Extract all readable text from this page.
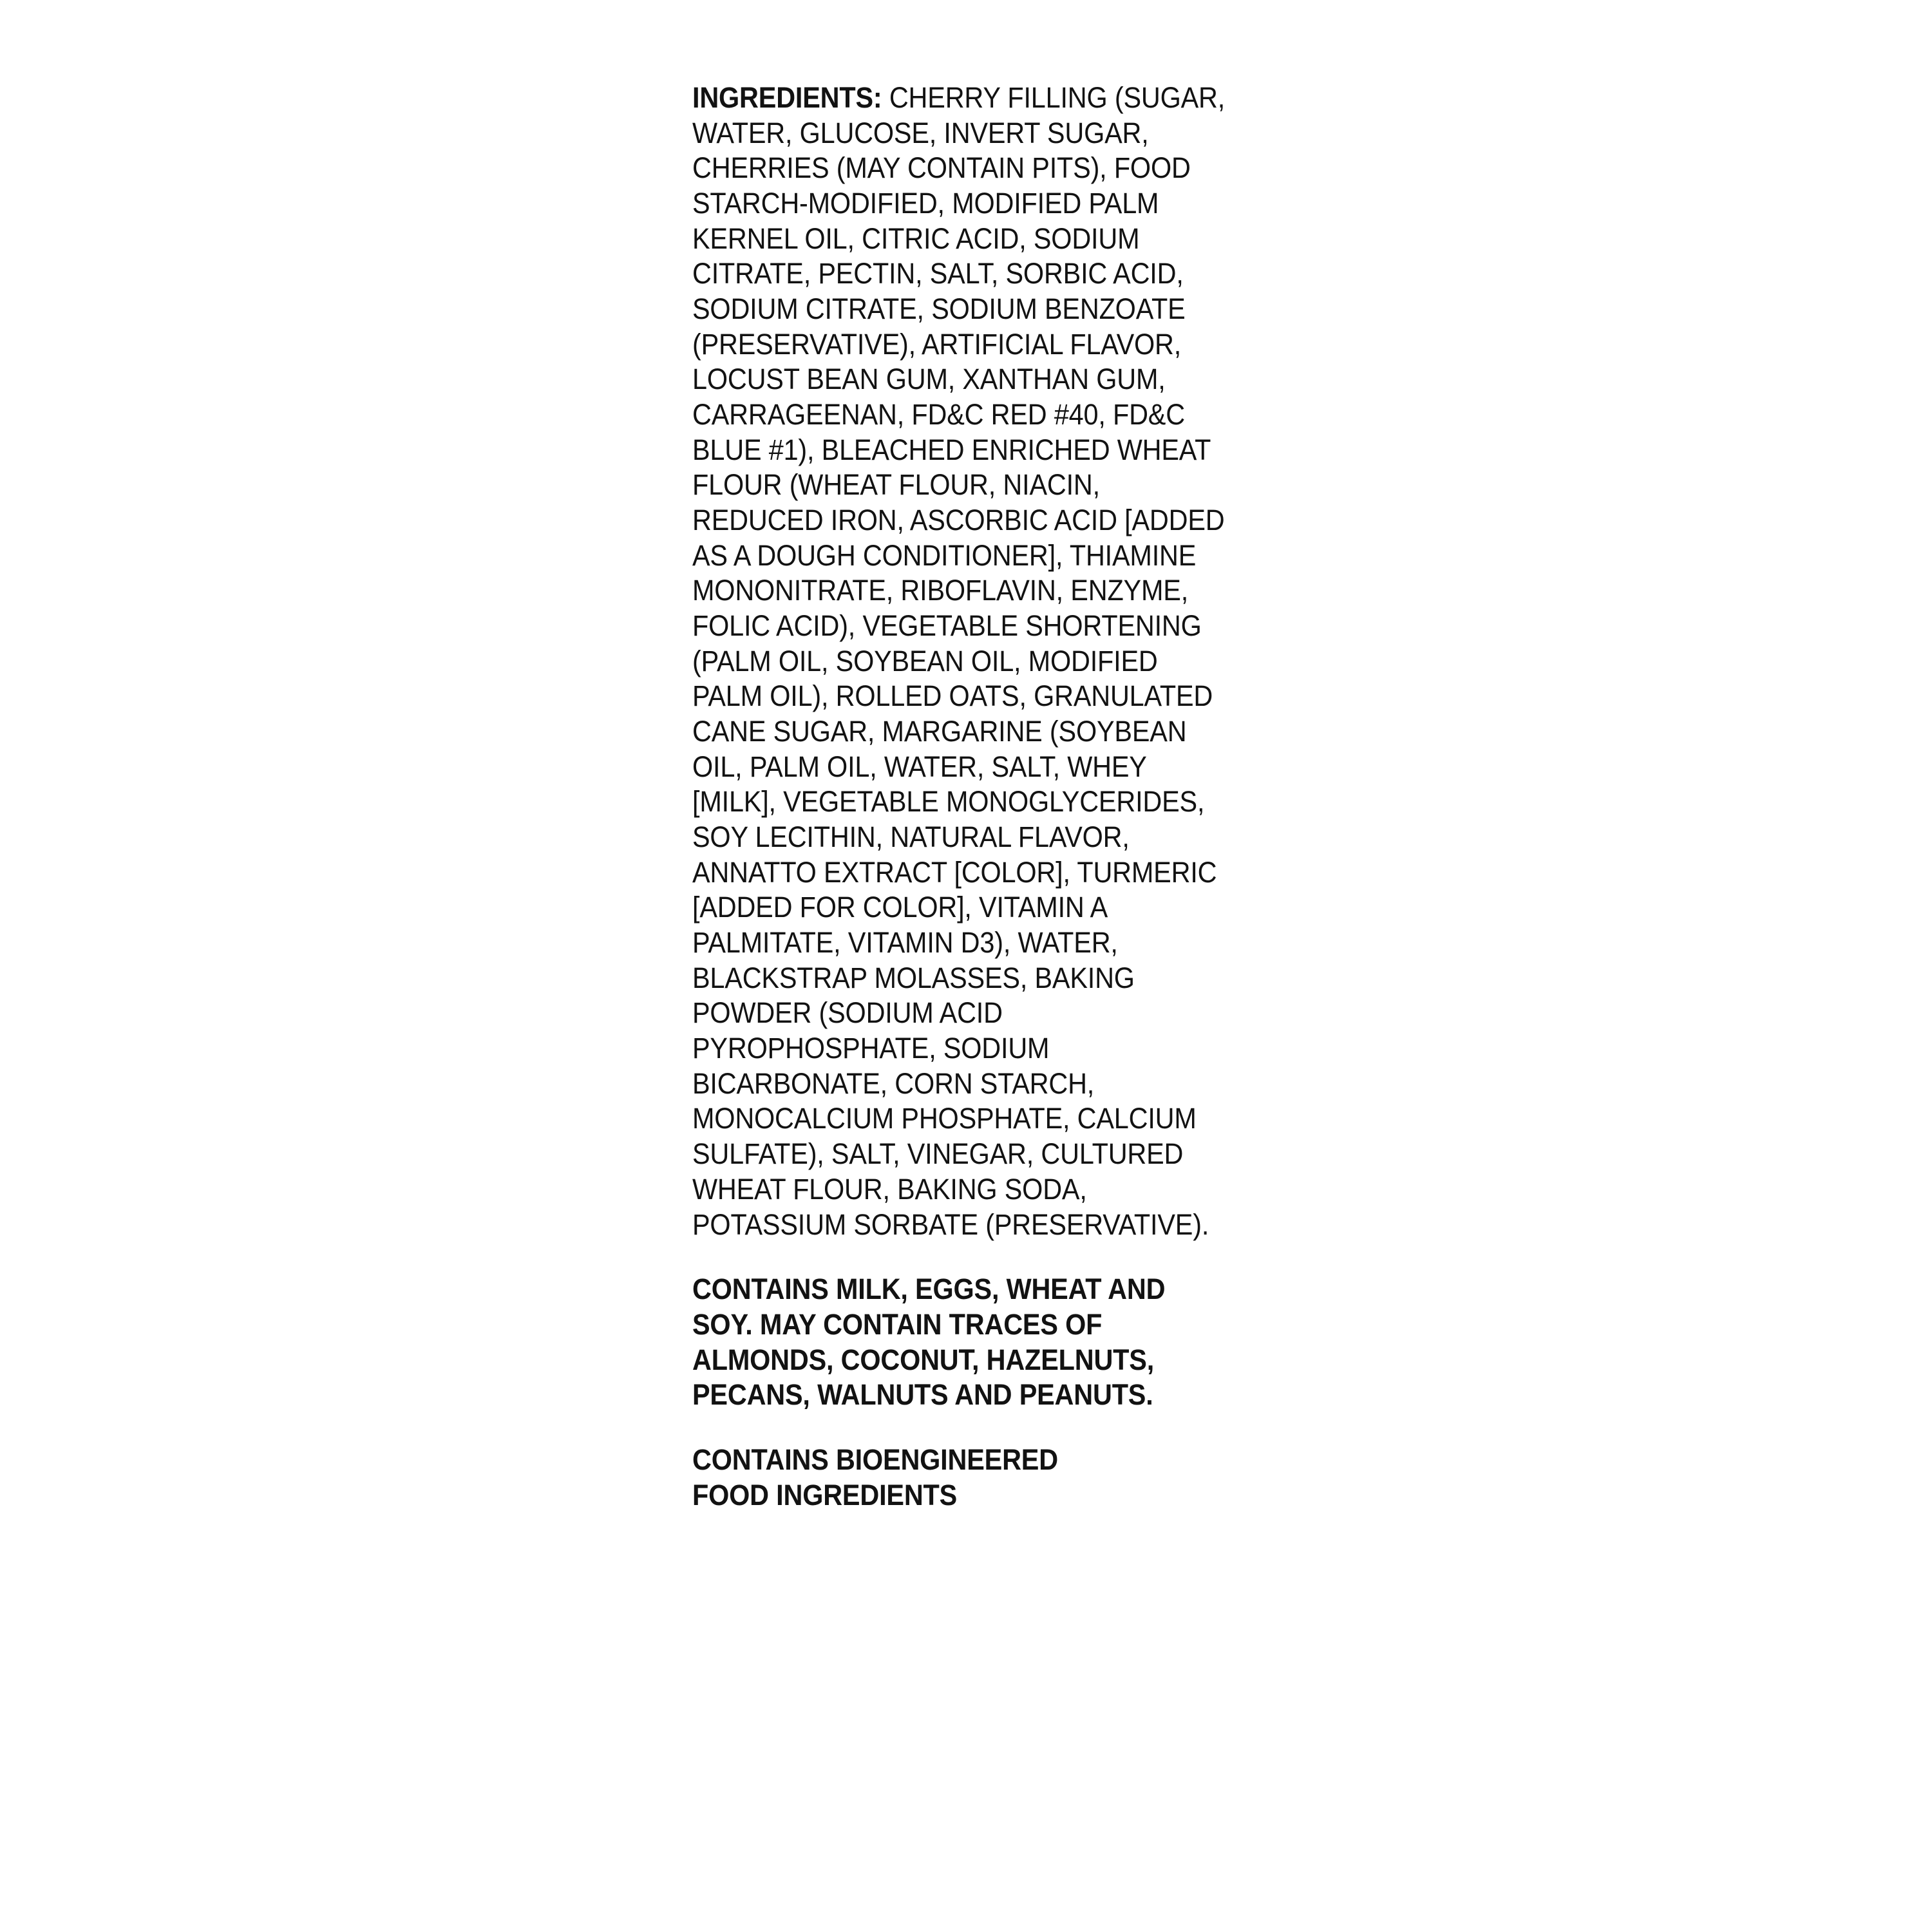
INGREDIENTS: CHERRY FILLING (SUGAR, WATER, GLUCOSE, INVERT SUGAR, CHERRIES (MAY CONTAIN PITS), FOOD STARCH-MODIFIED, MODIFIED PALM KERNEL OIL, CITRIC ACID, SODIUM CITRATE, PECTIN, SALT, SORBIC ACID, SODIUM CITRATE, SODIUM BENZOATE (PRESERVATIVE), ARTIFICIAL FLAVOR, LOCUST BEAN GUM, XANTHAN GUM, CARRAGEENAN, FD&C RED #40, FD&C BLUE #1), BLEACHED ENRICHED WHEAT FLOUR (WHEAT FLOUR, NIACIN, REDUCED IRON, ASCORBIC ACID [ADDED AS A DOUGH CONDITIONER], THIAMINE MONONITRATE, RIBOFLAVIN, ENZYME, FOLIC ACID), VEGETABLE SHORTENING (PALM OIL, SOYBEAN OIL, MODIFIED PALM OIL), ROLLED OATS, GRANULATED CANE SUGAR, MARGARINE (SOYBEAN OIL, PALM OIL, WATER, SALT, WHEY [MILK], VEGETABLE MONOGLYCERIDES, SOY LECITHIN, NATURAL FLAVOR, ANNATTO EXTRACT [COLOR], TURMERIC [ADDED FOR COLOR], VITAMIN A PALMITATE, VITAMIN D3), WATER, BLACKSTRAP MOLASSES, BAKING POWDER (SODIUM ACID PYROPHOSPHATE, SODIUM BICARBONATE, CORN STARCH, MONOCALCIUM PHOSPHATE, CALCIUM SULFATE), SALT, VINEGAR, CULTURED WHEAT FLOUR, BAKING SODA, POTASSIUM SORBATE (PRESERVATIVE).

CONTAINS MILK, EGGS, WHEAT AND SOY. MAY CONTAIN TRACES OF ALMONDS, COCONUT, HAZELNUTS, PECANS, WALNUTS AND PEANUTS.

CONTAINS BIOENGINEERED FOOD INGREDIENTS
